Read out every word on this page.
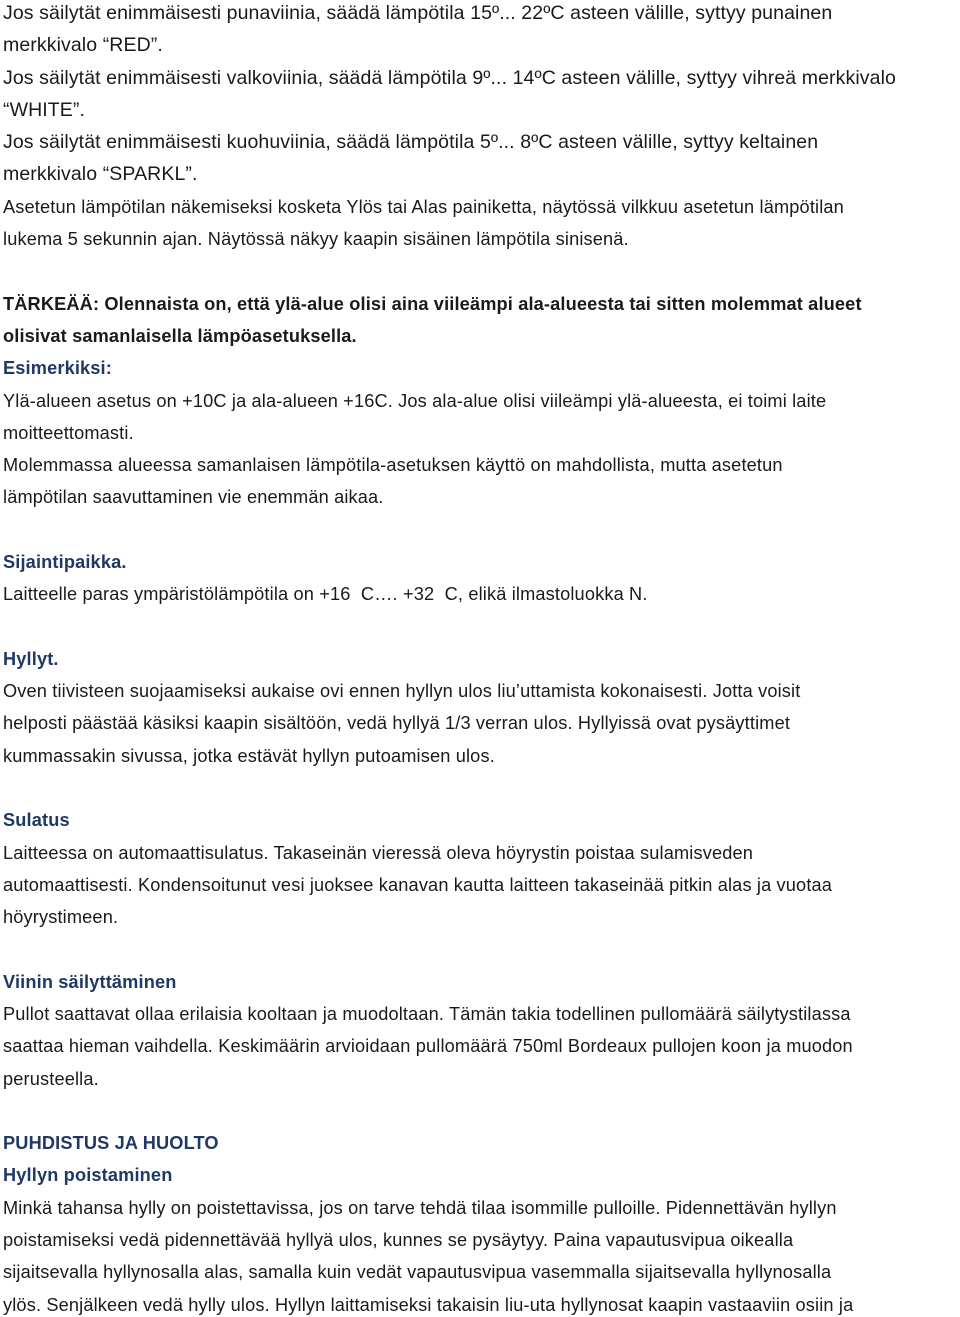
Jos säilytät enimmäisesti punaviinia, säädä lämpötila 15º... 22ºC asteen välille, syttyy punainen
merkkivalo “RED”.
Jos säilytät enimmäisesti valkoviinia, säädä lämpötila 9º... 14ºC asteen välille, syttyy vihreä merkkivalo
“WHITE”.
Jos säilytät enimmäisesti kuohuviinia, säädä lämpötila 5º... 8ºC asteen välille, syttyy keltainen
merkkivalo “SPARKL”.
Asetetun lämpötilan näkemiseksi kosketa Ylös tai Alas painiketta, näytössä vilkkuu asetetun lämpötilan
lukema 5 sekunnin ajan. Näytössä näkyy kaapin sisäinen lämpötila sinisenä.
TÄRKEÄÄ: Olennaista on, että ylä-alue olisi aina viileämpi ala-alueesta tai sitten molemmat alueet
olisivat samanlaisella lämpöasetuksella.
Esimerkiksi:
Ylä-alueen asetus on +10C ja ala-alueen +16C. Jos ala-alue olisi viileämpi ylä-alueesta, ei toimi laite
moitteettomasti.
Molemmassa alueessa samanlaisen lämpötila-asetuksen käyttö on mahdollista, mutta asetetun
lämpötilan saavuttaminen vie enemmän aikaa.
Sijaintipaikka.
Laitteelle paras ympäristölämpötila on +16  C…. +32  C, elikä ilmastoluokka N.
Hyllyt.
Oven tiivisteen suojaamiseksi aukaise ovi ennen hyllyn ulos liu’uttamista kokonaisesti. Jotta voisit
helposti päästää käsiksi kaapin sisältöön, vedä hyllyä 1/3 verran ulos. Hyllyissä ovat pysäyttimet
kummassakin sivussa, jotka estävät hyllyn putoamisen ulos.
Sulatus
Laitteessa on automaattisulatus. Takaseinän vieressä oleva höyrystin poistaa sulamisveden
automaattisesti. Kondensoitunut vesi juoksee kanavan kautta laitteen takaseinää pitkin alas ja vuotaa
höyrystimeen.
Viinin säilyttäminen
Pullot saattavat ollaa erilaisia kooltaan ja muodoltaan. Tämän takia todellinen pullomäärä säilytystilassa
saattaa hieman vaihdella. Keskimäärin arvioidaan pullomäärä 750ml Bordeaux pullojen koon ja muodon
perusteella.
PUHDISTUS JA HUOLTO
Hyllyn poistaminen
Minkä tahansa hylly on poistettavissa, jos on tarve tehdä tilaa isommille pulloille. Pidennettävän hyllyn
poistamiseksi vedä pidennettävää hyllyä ulos, kunnes se pysäytyy. Paina vapautusvipua oikealla
sijaitsevalla hyllynosalla alas, samalla kuin vedät vapautusvipua vasemmalla sijaitsevalla hyllynosalla
ylös. Senjälkeen vedä hylly ulos. Hyllyn laittamiseksi takaisin liu-uta hyllynosat kaapin vastaaviin osiin ja
